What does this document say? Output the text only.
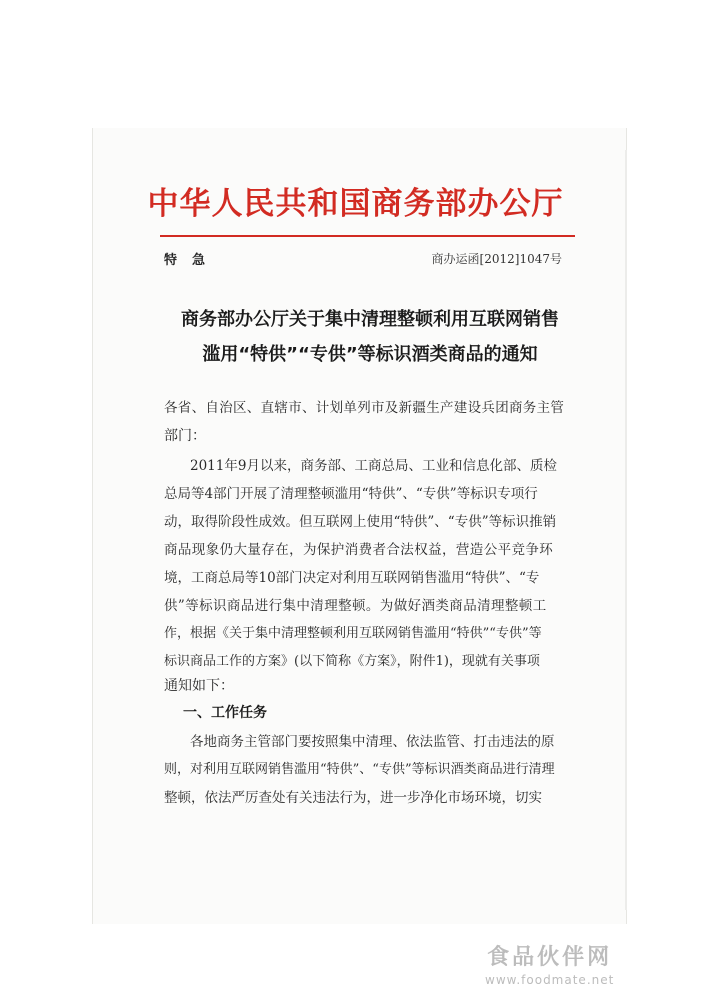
中华人民共和国商务部办公厅
特急	商办运函[2012]1047号
商务部办公厅关于集中清理整顿利用互联网销售
滥用“特供”“专供”等标识酒类商品的通知
各省、自治区、直辖市、计划单列市及新疆生产建设兵团商务主管
部门：
2011年9月以来，商务部、工商总局、工业和信息化部、质检
总局等4部门开展了清理整顿滥用“特供”、“专供”等标识专项行
动，取得阶段性成效。但互联网上使用“特供”、“专供”等标识推销
商品现象仍大量存在，为保护消费者合法权益，营造公平竞争环
境，工商总局等10部门决定对利用互联网销售滥用“特供”、“专
供”等标识商品进行集中清理整顿。为做好酒类商品清理整顿工
作，根据《关于集中清理整顿利用互联网销售滥用“特供”“专供”等
标识商品工作的方案》(以下简称《方案》，附件1)，现就有关事项
通知如下：
一、工作任务
各地商务主管部门要按照集中清理、依法监管、打击违法的原
则，对利用互联网销售滥用“特供”、“专供”等标识酒类商品进行清理
整顿，依法严厉查处有关违法行为，进一步净化市场环境，切实
食品伙伴网
www.foodmate.net
